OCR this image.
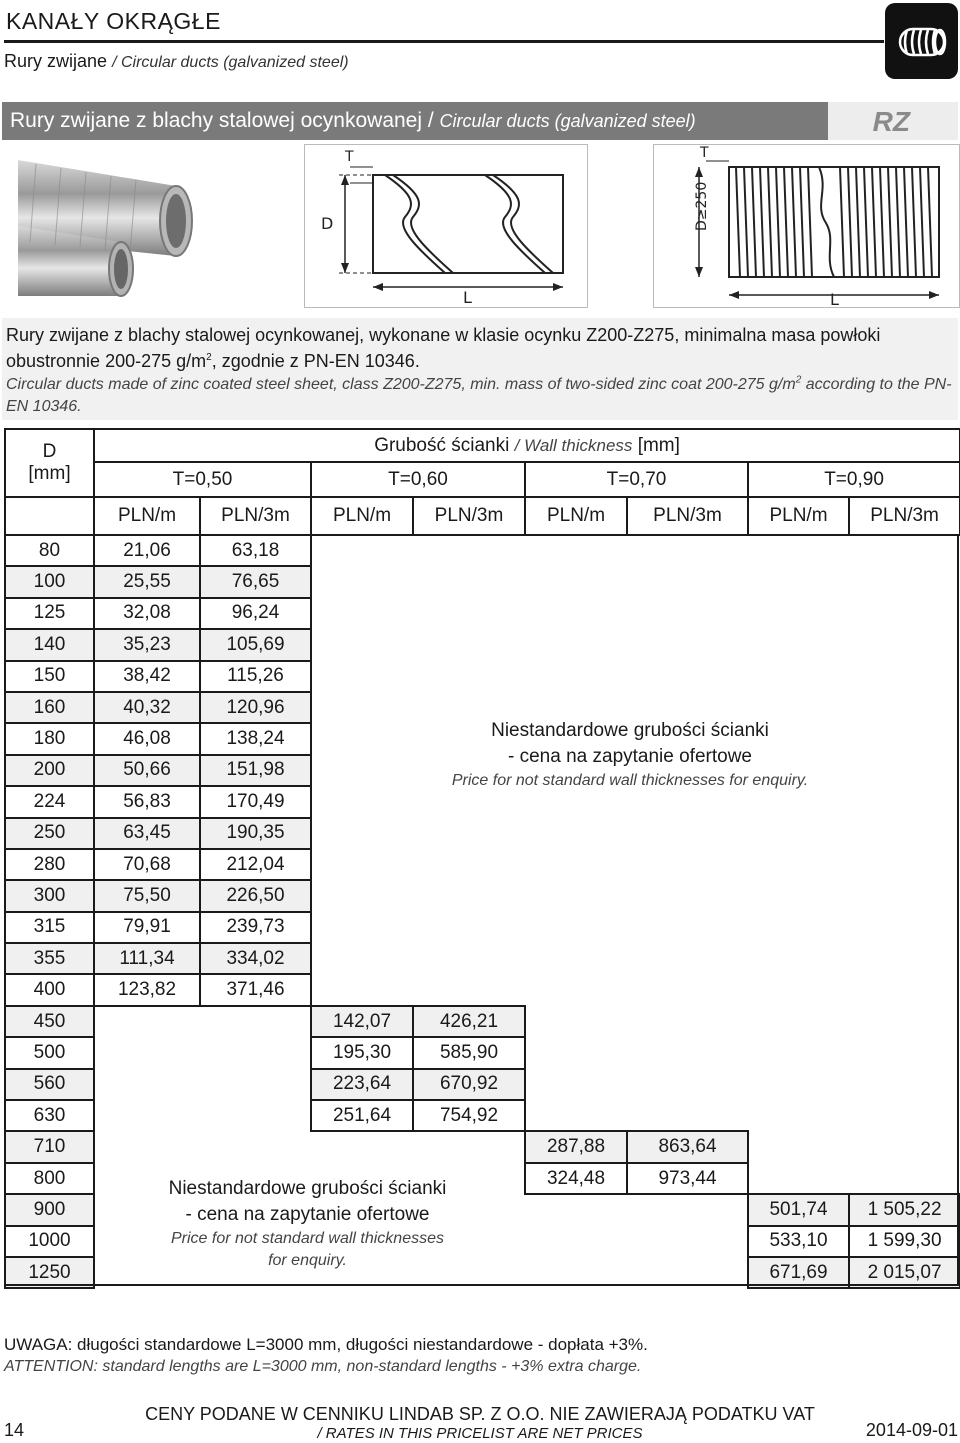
KANAŁY OKRĄGŁE
Rury zwijane / Circular ducts (galvanized steel)
Rury zwijane z blachy stalowej ocynkowanej / Circular ducts (galvanized steel)	RZ
D
T
L
D≥250
T
L
Rury zwijane z blachy stalowej ocynkowanej, wykonane w klasie ocynku Z200-Z275, minimalna masa powłoki obustronnie 200-275 $g/m^2$, zgodnie z PN-EN 10346.
Circular ducts made of zinc coated steel sheet, class Z200-Z275, min. mass of two-sided zinc coat 200-275 $g/m^2$ according to the PN-EN 10346.
D
[mm]	Grubość ścianki / Wall thickness [mm]							
	T=0,50		T=0,60		T=0,70		T=0,90	
	PLN/m	PLN/3m	PLN/m	PLN/3m	PLN/m	PLN/3m	PLN/m	PLN/3m
80	21,06	63,18						
100	25,55	76,65						
125	32,08	96,24						
140	35,23	105,69						
150	38,42	115,26						
160	40,32	120,96						
180	46,08	138,24						
200	50,66	151,98						
224	56,83	170,49						
250	63,45	190,35						
280	70,68	212,04						
300	75,50	226,50						
315	79,91	239,73						
355	111,34	334,02						
400	123,82	371,46						
450			142,07	426,21				
500			195,30	585,90				
560			223,64	670,92				
630			251,64	754,92				
710					287,88	863,64		
800					324,48	973,44		
900							501,74	1 505,22
1000							533,10	1 599,30
1250							671,69	2 015,07
Niestandardowe grubości ścianki
- cena na zapytanie ofertowe
Price for not standard wall thicknesses for enquiry.
Niestandardowe grubości ścianki
- cena na zapytanie ofertowe
Price for not standard wall thicknesses
for enquiry.
UWAGA: długości standardowe L=3000 mm, długości niestandardowe - dopłata +3%.
ATTENTION: standard lengths are L=3000 mm, non-standard lengths - +3% extra charge.
14
CENY PODANE W CENNIKU LINDAB SP. Z O.O. NIE ZAWIERAJĄ PODATKU VAT
/ RATES IN THIS PRICELIST ARE NET PRICES	2014-09-01
